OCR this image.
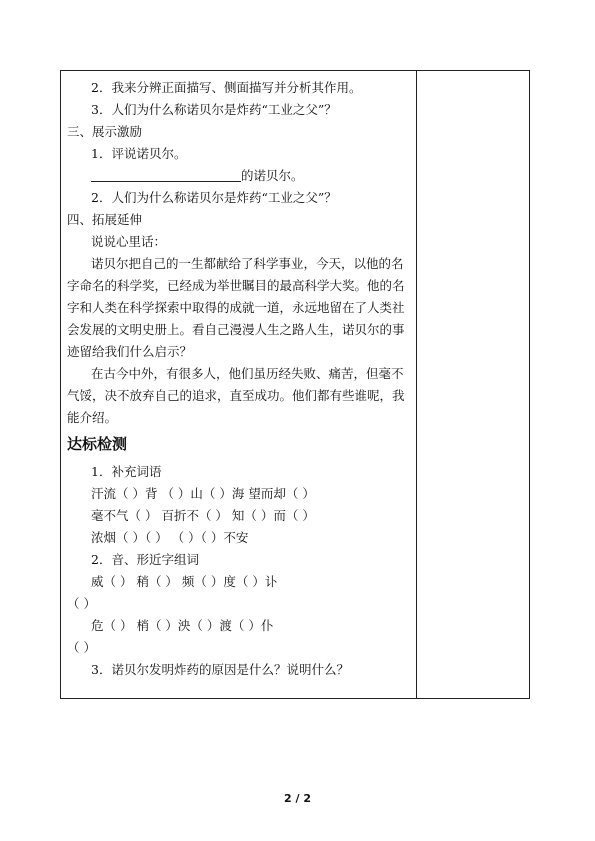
2．我来分辨正面描写、侧面描写并分析其作用。

3．人们为什么称诺贝尔是炸药“工业之父”？

三、展示激励

1．评说诺贝尔。

的诺贝尔。

2．人们为什么称诺贝尔是炸药“工业之父”？

四、拓展延伸

说说心里话：

诺贝尔把自己的一生都献给了科学事业，今天，以他的名字命名的科学奖，已经成为举世瞩目的最高科学大奖。他的名字和人类在科学探索中取得的成就一道，永远地留在了人类社会发展的文明史册上。看自己漫漫人生之路人生，诺贝尔的事迹留给我们什么启示？

在古今中外，有很多人，他们虽历经失败、痛苦，但毫不气馁，决不放弃自己的追求，直至成功。他们都有些谁呢，我能介绍。

达标检测

1．补充词语

汗流（ ）背 （ ）山（ ）海 望而却（ ）

毫不气（ ） 百折不（ ） 知（ ）而（ ）

浓烟（ ）（ ） （ ）（ ）不安

2．音、形近字组词

威（ ） 稍（ ） 频（ ）度（ ）讣

（ ）

危（ ） 梢（ ）泱（ ）渡（ ）仆

（ ）

3．诺贝尔发明炸药的原因是什么？说明什么？

2 / 2
